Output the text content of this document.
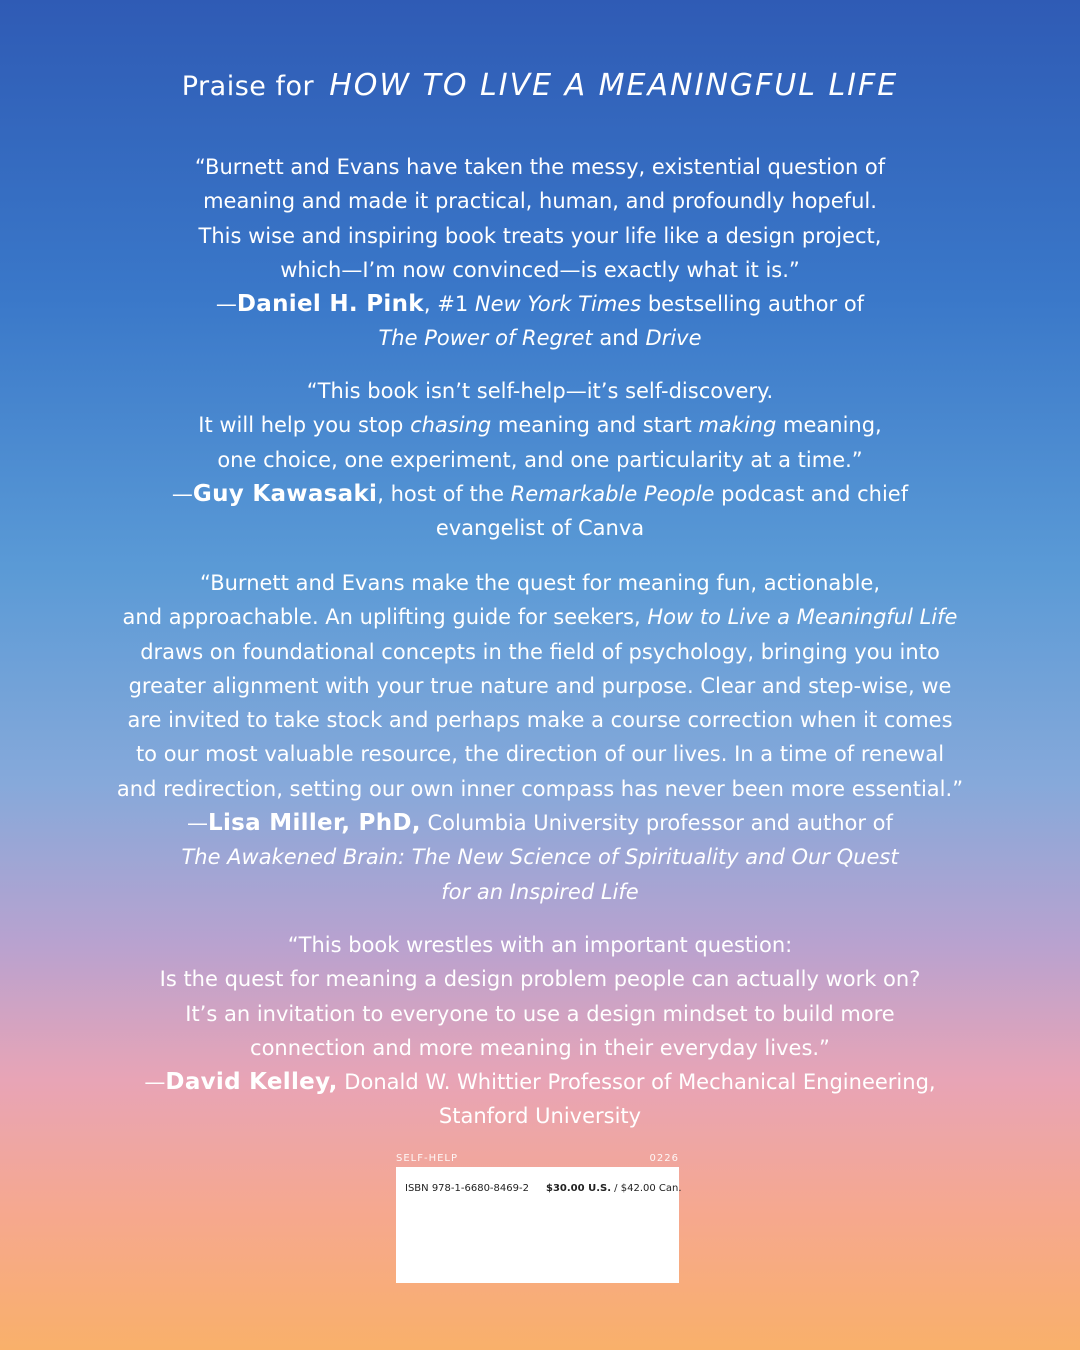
Praise for HOW TO LIVE A MEANINGFUL LIFE
“Burnett and Evans have taken the messy, existential question of
meaning and made it practical, human, and profoundly hopeful.
This wise and inspiring book treats your life like a design project,
which—I’m now convinced—is exactly what it is.”
—Daniel H. Pink, #1 New York Times bestselling author of
The Power of Regret and Drive
“This book isn’t self-help—it’s self-discovery.
It will help you stop chasing meaning and start making meaning,
one choice, one experiment, and one particularity at a time.”
—Guy Kawasaki, host of the Remarkable People podcast and chief
evangelist of Canva
“Burnett and Evans make the quest for meaning fun, actionable,
and approachable. An uplifting guide for seekers, How to Live a Meaningful Life
draws on foundational concepts in the field of psychology, bringing you into
greater alignment with your true nature and purpose. Clear and step-wise, we
are invited to take stock and perhaps make a course correction when it comes
to our most valuable resource, the direction of our lives. In a time of renewal
and redirection, setting our own inner compass has never been more essential.”
—Lisa Miller, PhD, Columbia University professor and author of
The Awakened Brain: The New Science of Spirituality and Our Quest
for an Inspired Life
“This book wrestles with an important question:
Is the quest for meaning a design problem people can actually work on?
It’s an invitation to everyone to use a design mindset to build more
connection and more meaning in their everyday lives.”
—David Kelley, Donald W. Whittier Professor of Mechanical Engineering,
Stanford University
SELF-HELP	0226
ISBN 978-1-6680-8469-2 $30.00 U.S. / $42.00 Can.
